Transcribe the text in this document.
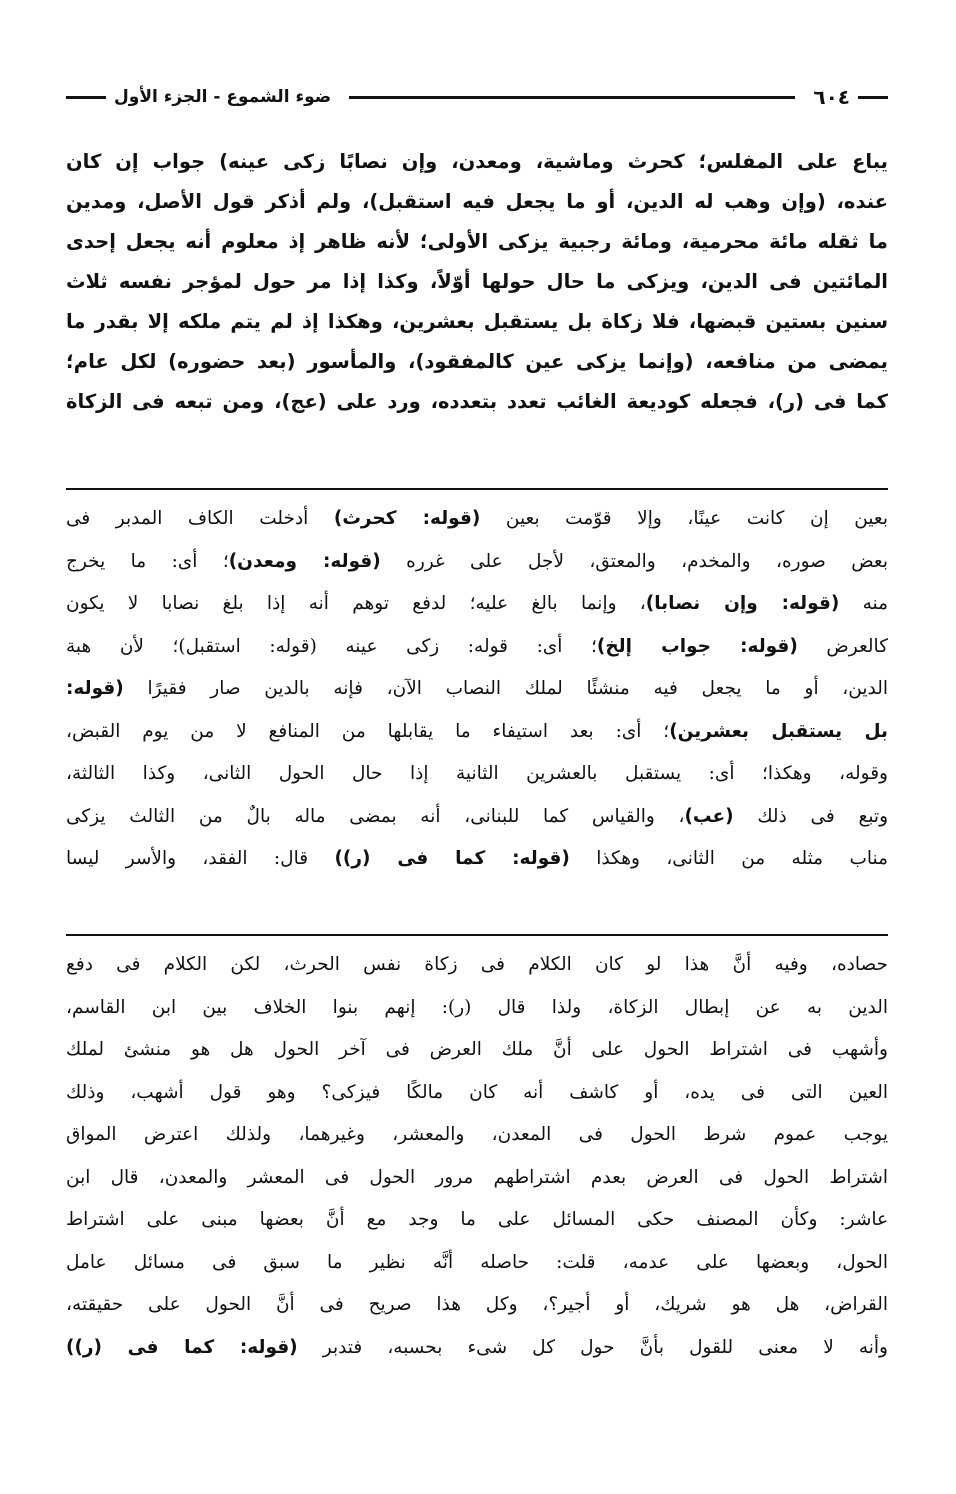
٦٠٤
ضوء الشموع - الجزء الأول
يباع على المفلس؛ كحرث وماشية، ومعدن، وإن نصابًا زكى عينه) جواب إن كان
عنده، (وإن وهب له الدين، أو ما يجعل فيه استقبل)، ولم أذكر قول الأصل، ومدين
ما ثقله مائة محرمية، ومائة رجبية يزكى الأولى؛ لأنه ظاهر إذ معلوم أنه يجعل إحدى
المائتين فى الدين، ويزكى ما حال حولها أوّلاً، وكذا إذا مر حول لمؤجر نفسه ثلاث
سنين بستين قبضها، فلا زكاة بل يستقبل بعشرين، وهكذا إذ لم يتم ملكه إلا بقدر ما
يمضى من منافعه، (وإنما يزكى عين كالمفقود)، والمأسور (بعد حضوره) لكل عام؛
كما فى (ر)، فجعله كوديعة الغائب تعدد بتعدده، ورد على (عج)، ومن تبعه فى الزكاة
بعين إن كانت عينًا، وإلا قوّمت بعين (قوله: كحرث) أدخلت الكاف المدبر فى
بعض صوره، والمخدم، والمعتق، لأجل على غرره (قوله: ومعدن)؛ أى: ما يخرج
منه (قوله: وإن نصابا)، وإنما بالغ عليه؛ لدفع توهم أنه إذا بلغ نصابا لا يكون
كالعرض (قوله: جواب إلخ)؛ أى: قوله: زكى عينه (قوله: استقبل)؛ لأن هبة
الدين، أو ما يجعل فيه منشئًا لملك النصاب الآن، فإنه بالدين صار فقيرًا (قوله:
بل يستقبل بعشرين)؛ أى: بعد استيفاء ما يقابلها من المنافع لا من يوم القبض،
وقوله، وهكذا؛ أى: يستقبل بالعشرين الثانية إذا حال الحول الثانى، وكذا الثالثة،
وتبع فى ذلك (عب)، والقياس كما للبنانى، أنه بمضى ماله بالٌ من الثالث يزكى
مناب مثله من الثانى، وهكذا (قوله: كما فى (ر)) قال: الفقد، والأسر ليسا
حصاده، وفيه أنَّ هذا لو كان الكلام فى زكاة نفس الحرث، لكن الكلام فى دفع
الدين به عن إبطال الزكاة، ولذا قال (ر): إنهم بنوا الخلاف بين ابن القاسم،
وأشهب فى اشتراط الحول على أنَّ ملك العرض فى آخر الحول هل هو منشئ لملك
العين التى فى يده، أو كاشف أنه كان مالكًا فيزكى؟ وهو قول أشهب، وذلك
يوجب عموم شرط الحول فى المعدن، والمعشر، وغيرهما، ولذلك اعترض المواق
اشتراط الحول فى العرض بعدم اشتراطهم مرور الحول فى المعشر والمعدن، قال ابن
عاشر: وكأن المصنف حكى المسائل على ما وجد مع أنَّ بعضها مبنى على اشتراط
الحول، وبعضها على عدمه، قلت: حاصله أنَّه نظير ما سبق فى مسائل عامل
القراض، هل هو شريك، أو أجير؟، وكل هذا صريح فى أنَّ الحول على حقيقته،
وأنه لا معنى للقول بأنَّ حول كل شىء بحسبه، فتدبر (قوله: كما فى (ر))
